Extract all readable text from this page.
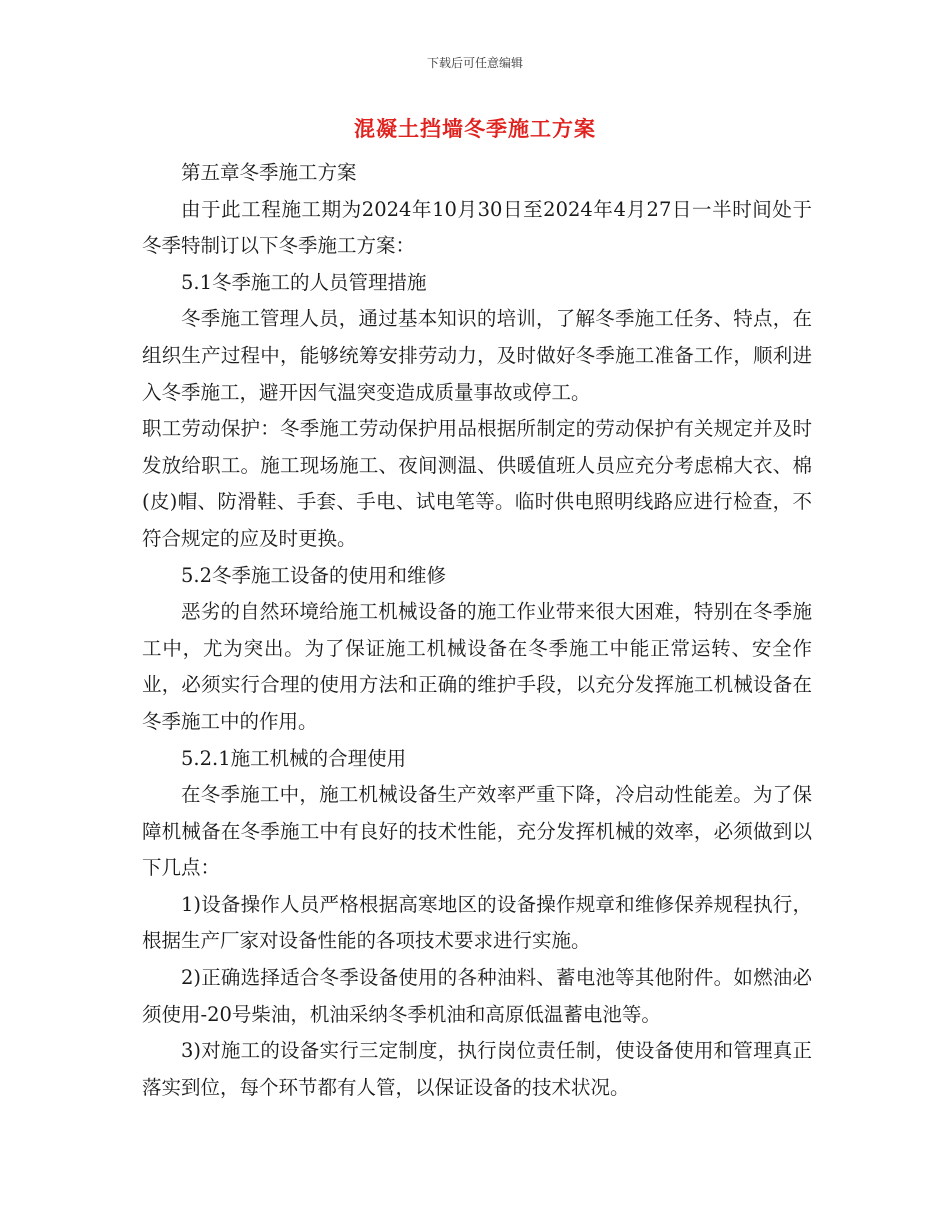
下载后可任意编辑
混凝土挡墙冬季施工方案

第五章冬季施工方案

由于此工程施工期为2024年10月30日至2024年4月27日一半时间处于冬季特制订以下冬季施工方案：

5.1冬季施工的人员管理措施

冬季施工管理人员，通过基本知识的培训，了解冬季施工任务、特点，在组织生产过程中，能够统筹安排劳动力，及时做好冬季施工准备工作，顺利进入冬季施工，避开因气温突变造成质量事故或停工。

职工劳动保护：冬季施工劳动保护用品根据所制定的劳动保护有关规定并及时发放给职工。施工现场施工、夜间测温、供暖值班人员应充分考虑棉大衣、棉(皮)帽、防滑鞋、手套、手电、试电笔等。临时供电照明线路应进行检查，不符合规定的应及时更换。

5.2冬季施工设备的使用和维修

恶劣的自然环境给施工机械设备的施工作业带来很大困难，特别在冬季施工中，尤为突出。为了保证施工机械设备在冬季施工中能正常运转、安全作业，必须实行合理的使用方法和正确的维护手段，以充分发挥施工机械设备在冬季施工中的作用。

5.2.1施工机械的合理使用

在冬季施工中，施工机械设备生产效率严重下降，冷启动性能差。为了保障机械备在冬季施工中有良好的技术性能，充分发挥机械的效率，必须做到以下几点：

1)设备操作人员严格根据高寒地区的设备操作规章和维修保养规程执行，根据生产厂家对设备性能的各项技术要求进行实施。

2)正确选择适合冬季设备使用的各种油料、蓄电池等其他附件。如燃油必须使用-20号柴油，机油采纳冬季机油和高原低温蓄电池等。

3)对施工的设备实行三定制度，执行岗位责任制，使设备使用和管理真正落实到位，每个环节都有人管，以保证设备的技术状况。
